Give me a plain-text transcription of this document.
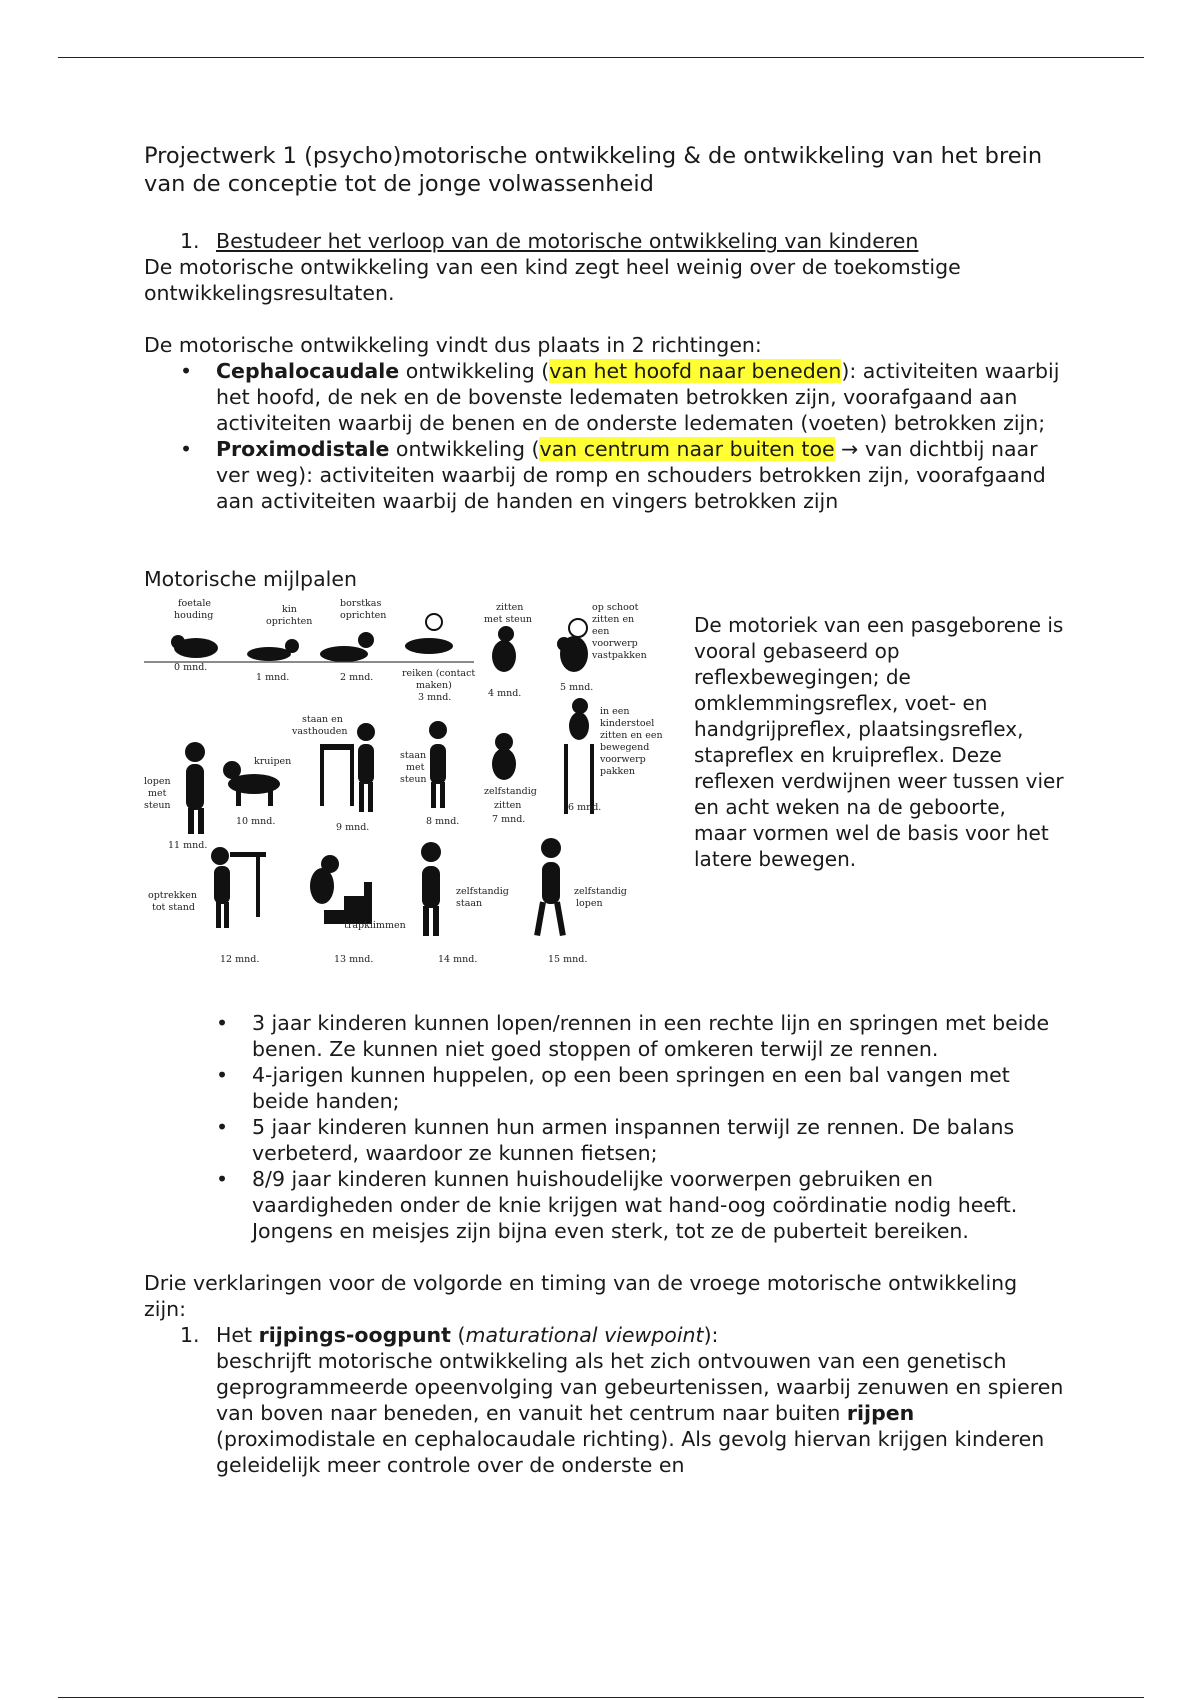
Projectwerk 1 (psycho)motorische ontwikkeling & de ontwikkeling van het brein van de conceptie tot de jonge volwassenheid

1. Bestudeer het verloop van de motorische ontwikkeling van kinderen

De motorische ontwikkeling van een kind zegt heel weinig over de toekomstige ontwikkelingsresultaten.

De motorische ontwikkeling vindt dus plaats in 2 richtingen:

•	Cephalocaudale ontwikkeling (van het hoofd naar beneden): activiteiten waarbij het hoofd, de nek en de bovenste ledematen betrokken zijn, voorafgaand aan activiteiten waarbij de benen en de onderste ledematen (voeten) betrokken zijn;
•	Proximodistale ontwikkeling (van centrum naar buiten toe → van dichtbij naar ver weg): activiteiten waarbij de romp en schouders betrokken zijn, voorafgaand aan activiteiten waarbij de handen en vingers betrokken zijn

Motorische mijlpalen

foetale
houding
0 mnd.
kin
oprichten
1 mnd.
borstkas
oprichten
2 mnd.	reiken (contact
maken)
3 mnd.
zitten
met steun
4 mnd.
op schoot
zitten en
een
voorwerp
vastpakken
5 mnd.
lopen
met
steun
11 mnd.
kruipen
10 mnd.
staan en
vasthouden
9 mnd.
staan
met
steun
8 mnd.
zelfstandig
zitten
7 mnd.
in een
kinderstoel
zitten en een
bewegend
voorwerp
pakken
6 mnd.
optrekken
tot stand
12 mnd.
trapklimmen
13 mnd.
zelfstandig
staan
14 mnd.
zelfstandig
lopen
15 mnd.

De motoriek van een pasgeborene is vooral gebaseerd op reflexbewegingen; de omklemmingsreflex, voet- en handgrijpreflex, plaatsingsreflex, stapreflex en kruipreflex. Deze reflexen verdwijnen weer tussen vier en acht weken na de geboorte, maar vormen wel de basis voor het latere bewegen.

•	3 jaar kinderen kunnen lopen/rennen in een rechte lijn en springen met beide benen. Ze kunnen niet goed stoppen of omkeren terwijl ze rennen.
•	4-jarigen kunnen huppelen, op een been springen en een bal vangen met beide handen;
•	5 jaar kinderen kunnen hun armen inspannen terwijl ze rennen. De balans verbeterd, waardoor ze kunnen fietsen;
•	8/9 jaar kinderen kunnen huishoudelijke voorwerpen gebruiken en vaardigheden onder de knie krijgen wat hand-oog coördinatie nodig heeft. Jongens en meisjes zijn bijna even sterk, tot ze de puberteit bereiken.

Drie verklaringen voor de volgorde en timing van de vroege motorische ontwikkeling zijn:

1. Het rijpings-oogpunt (maturational viewpoint):
beschrijft motorische ontwikkeling als het zich ontvouwen van een genetisch geprogrammeerde opeenvolging van gebeurtenissen, waarbij zenuwen en spieren van boven naar beneden, en vanuit het centrum naar buiten rijpen (proximodistale en cephalocaudale richting). Als gevolg hiervan krijgen kinderen geleidelijk meer controle over de onderste en
